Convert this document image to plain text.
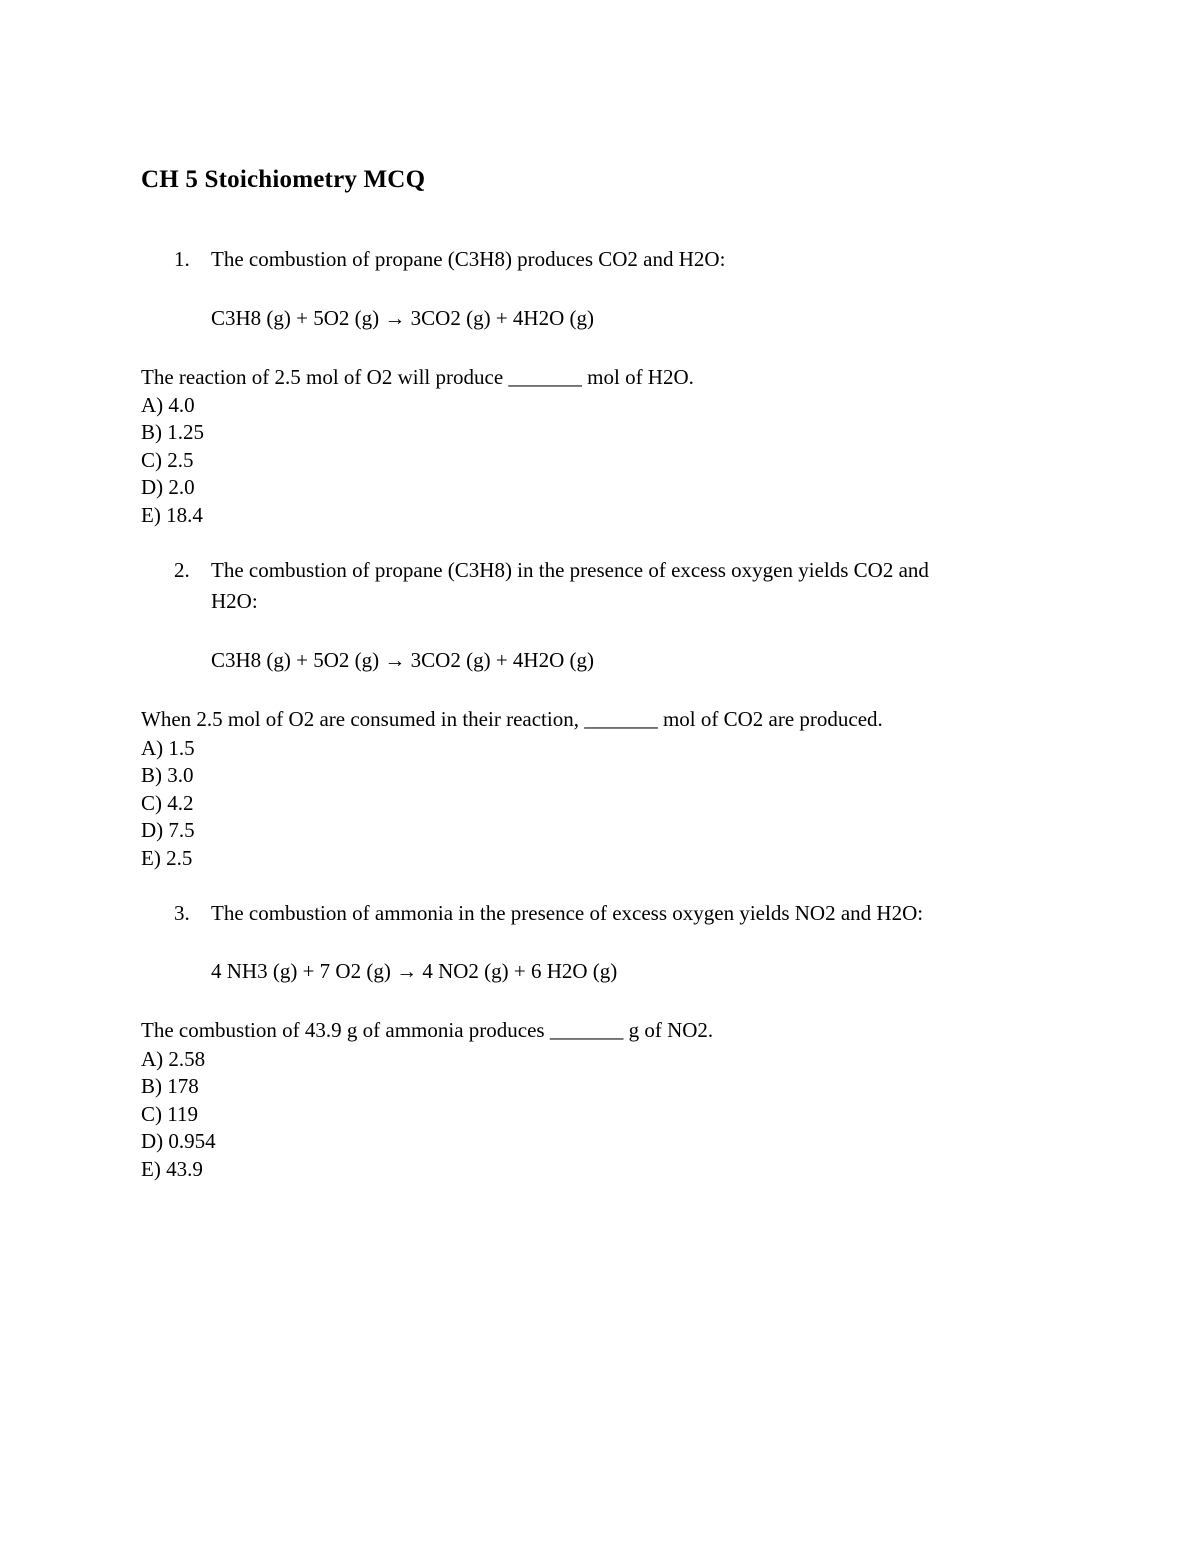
CH 5 Stoichiometry MCQ
1. The combustion of propane (C3H8) produces CO2 and H2O:
C3H8 (g) + 5O2 (g) → 3CO2 (g) + 4H2O (g)
The reaction of 2.5 mol of O2 will produce _______ mol of H2O.
A) 4.0
B) 1.25
C) 2.5
D) 2.0
E) 18.4
2. The combustion of propane (C3H8) in the presence of excess oxygen yields CO2 and
H2O:
C3H8 (g) + 5O2 (g) → 3CO2 (g) + 4H2O (g)
When 2.5 mol of O2 are consumed in their reaction, _______ mol of CO2 are produced.
A) 1.5
B) 3.0
C) 4.2
D) 7.5
E) 2.5
3. The combustion of ammonia in the presence of excess oxygen yields NO2 and H2O:
4 NH3 (g) + 7 O2 (g) → 4 NO2 (g) + 6 H2O (g)
The combustion of 43.9 g of ammonia produces _______ g of NO2.
A) 2.58
B) 178
C) 119
D) 0.954
E) 43.9
